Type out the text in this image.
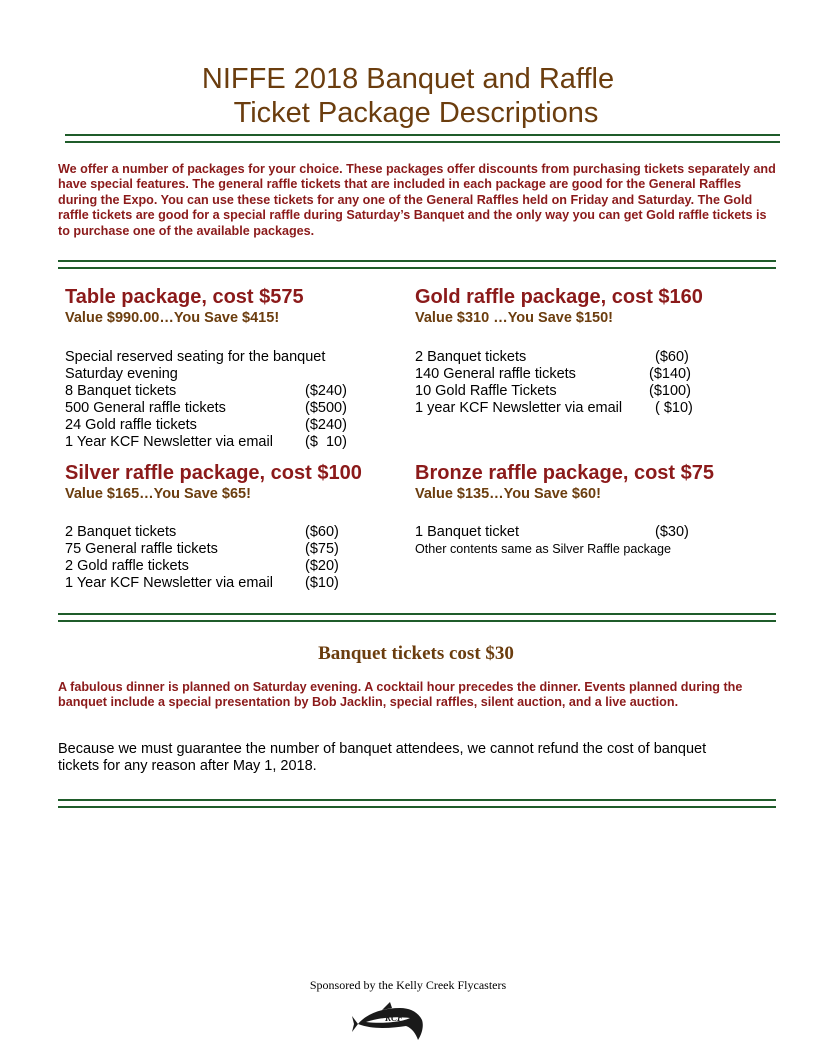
NIFFE 2018 Banquet and Raffle
Ticket Package Descriptions
We offer a number of packages for your choice. These packages offer discounts from purchasing tickets separately and have special features. The general raffle tickets that are included in each package are good for the General Raffles during the Expo. You can use these tickets for any one of the General Raffles held on Friday and Saturday. The Gold raffle tickets are good for a special raffle during Saturday’s Banquet and the only way you can get Gold raffle tickets is to purchase one of the available packages.
Table package, cost $575
Value $990.00…You Save $415!
Special reserved seating for the banquet
Saturday evening
8 Banquet tickets	($240)
500 General raffle tickets	($500)
24 Gold raffle tickets	($240)
1 Year KCF Newsletter via email ($  10)
Gold raffle package, cost $160
Value $310 …You Save $150!
2 Banquet tickets	($60)
140 General raffle tickets	($140)
10 Gold Raffle Tickets	($100)
1 year KCF Newsletter via email ( $10)
Silver raffle package, cost $100
Value $165…You Save $65!
2 Banquet tickets	($60)
75 General raffle tickets	($75)
2 Gold raffle tickets	($20)
1 Year KCF Newsletter via email ($10)
Bronze raffle package, cost $75
Value $135…You Save $60!
1 Banquet ticket	($30)
Other contents same as Silver Raffle package
Banquet tickets cost $30
A fabulous dinner is planned on Saturday evening. A cocktail hour precedes the dinner. Events planned during the banquet include a special presentation by Bob Jacklin, special raffles, silent auction, and a live auction.
Because we must guarantee the number of banquet attendees, we cannot refund the cost of banquet tickets for any reason after May 1, 2018.
Sponsored by the Kelly Creek Flycasters
KCF
